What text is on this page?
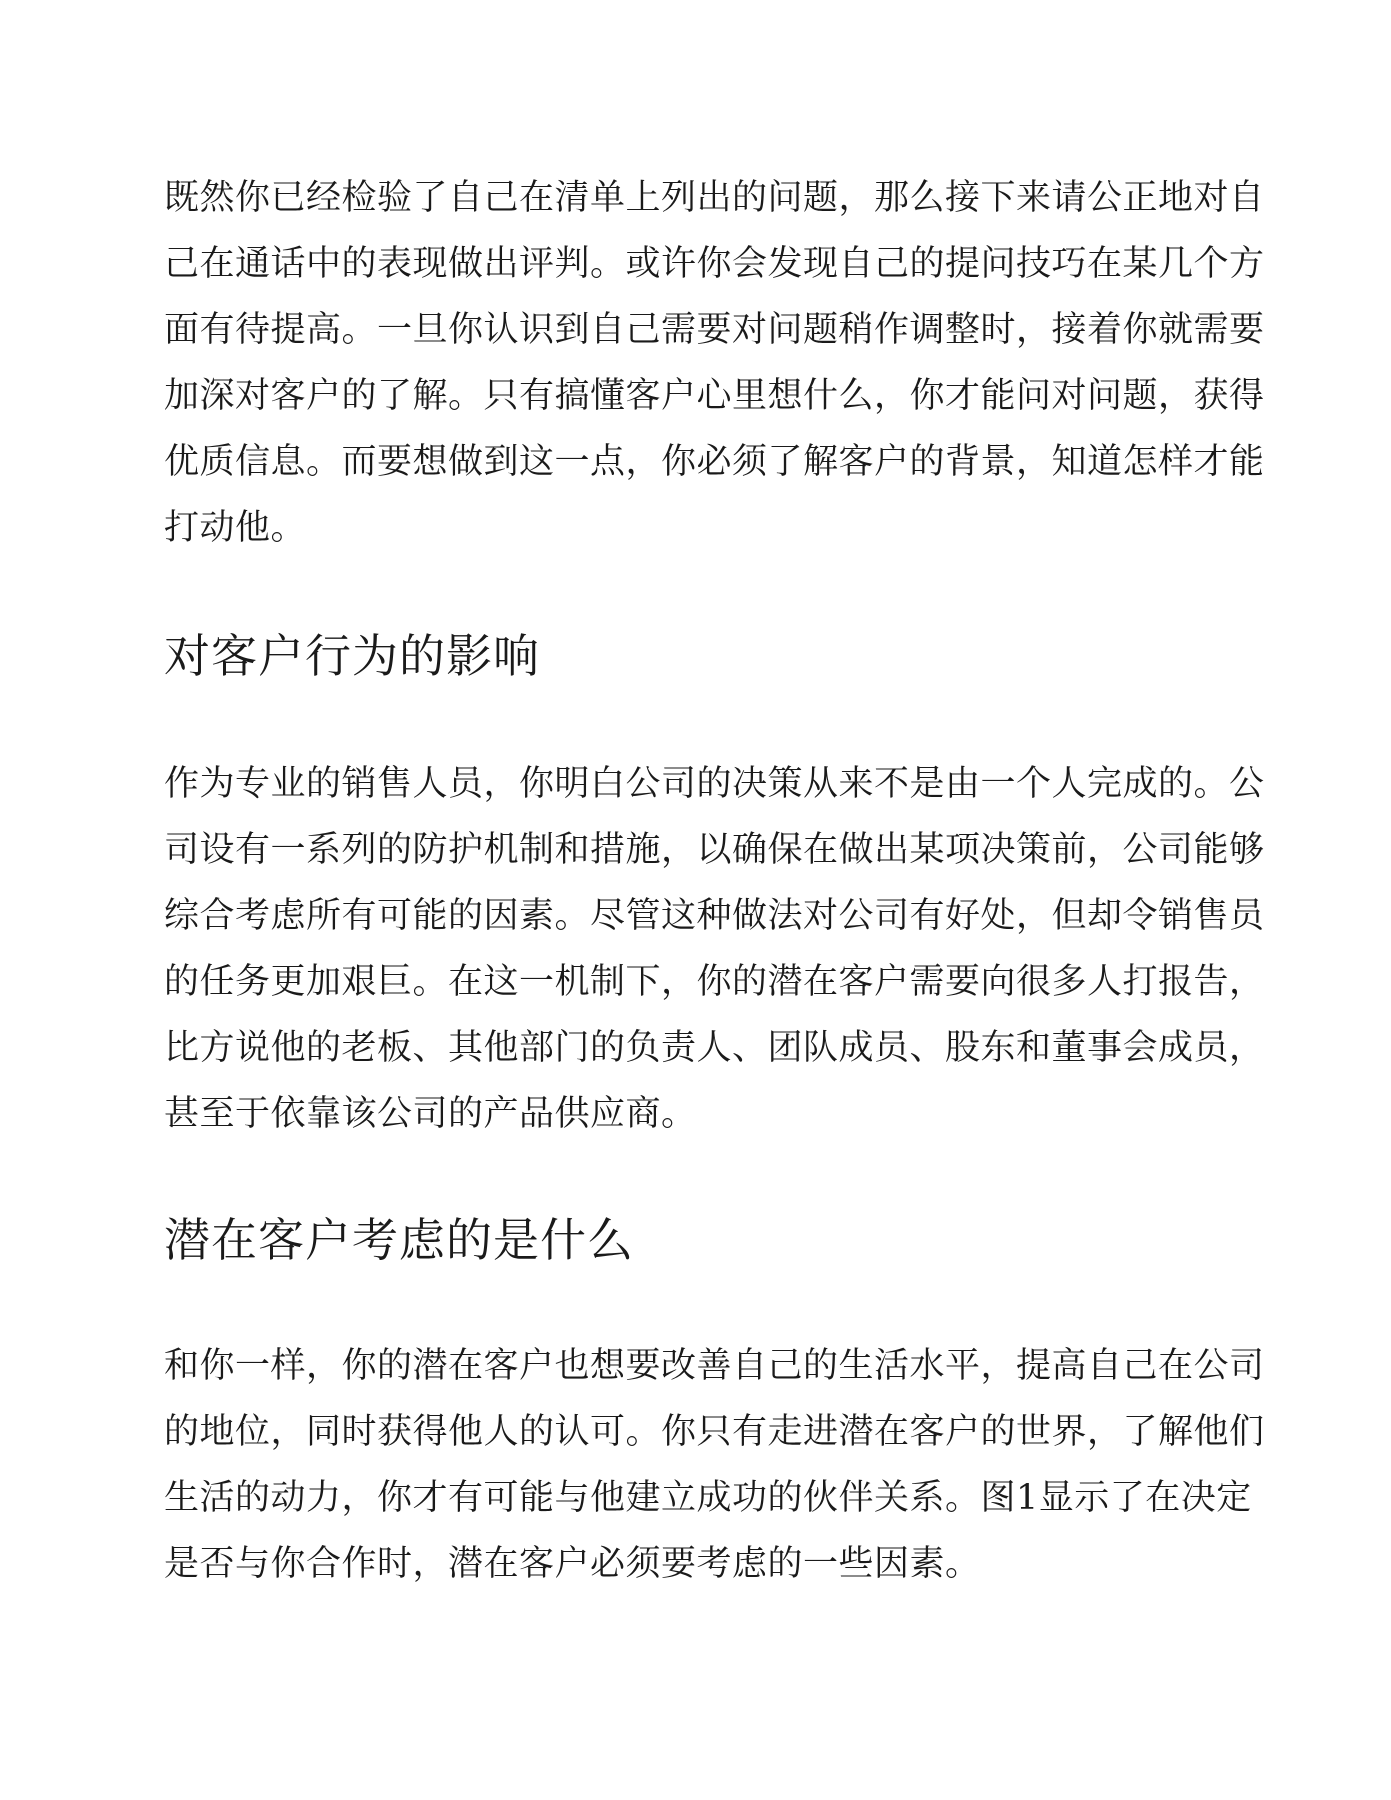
既然你已经检验了自己在清单上列出的问题，那么接下来请公正地对自
己在通话中的表现做出评判。或许你会发现自己的提问技巧在某几个方
面有待提高。一旦你认识到自己需要对问题稍作调整时，接着你就需要
加深对客户的了解。只有搞懂客户心里想什么，你才能问对问题，获得
优质信息。而要想做到这一点，你必须了解客户的背景，知道怎样才能
打动他。

对客户行为的影响

作为专业的销售人员，你明白公司的决策从来不是由一个人完成的。公
司设有一系列的防护机制和措施，以确保在做出某项决策前，公司能够
综合考虑所有可能的因素。尽管这种做法对公司有好处，但却令销售员
的任务更加艰巨。在这一机制下，你的潜在客户需要向很多人打报告，
比方说他的老板、其他部门的负责人、团队成员、股东和董事会成员，
甚至于依靠该公司的产品供应商。

潜在客户考虑的是什么

和你一样，你的潜在客户也想要改善自己的生活水平，提高自己在公司
的地位，同时获得他人的认可。你只有走进潜在客户的世界，了解他们
生活的动力，你才有可能与他建立成功的伙伴关系。图1显示了在决定
是否与你合作时，潜在客户必须要考虑的一些因素。
